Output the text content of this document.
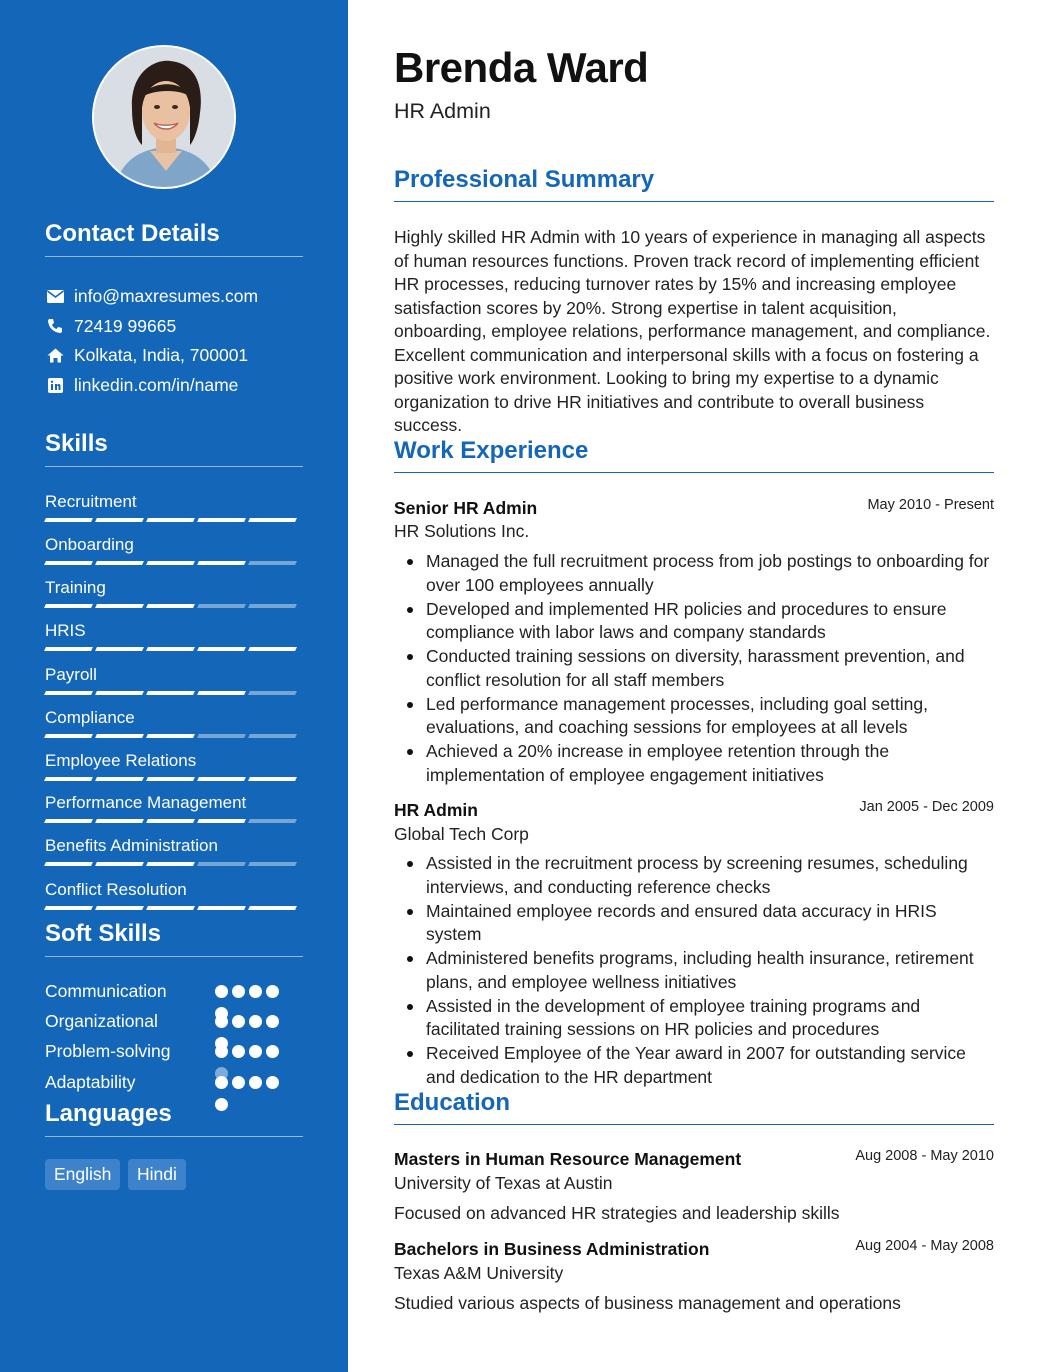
Contact Details
info@maxresumes.com
72419 99665
Kolkata, India, 700001
linkedin.com/in/name
Skills
Recruitment
Onboarding
Training
HRIS
Payroll
Compliance
Employee Relations
Performance Management
Benefits Administration
Conflict Resolution
Soft Skills
Communication
Organizational
Problem-solving
Adaptability
Languages
English	Hindi
Brenda Ward
HR Admin
Professional Summary

Highly skilled HR Admin with 10 years of experience in managing all aspects of human resources functions. Proven track record of implementing efficient HR processes, reducing turnover rates by 15% and increasing employee satisfaction scores by 20%. Strong expertise in talent acquisition, onboarding, employee relations, performance management, and compliance. Excellent communication and interpersonal skills with a focus on fostering a positive work environment. Looking to bring my expertise to a dynamic organization to drive HR initiatives and contribute to overall business success.

Work Experience
Senior HR Admin	May 2010 - Present
HR Solutions Inc.
Managed the full recruitment process from job postings to onboarding for over 100 employees annually
Developed and implemented HR policies and procedures to ensure compliance with labor laws and company standards
Conducted training sessions on diversity, harassment prevention, and conflict resolution for all staff members
Led performance management processes, including goal setting, evaluations, and coaching sessions for employees at all levels
Achieved a 20% increase in employee retention through the implementation of employee engagement initiatives
HR Admin	Jan 2005 - Dec 2009
Global Tech Corp
Assisted in the recruitment process by screening resumes, scheduling interviews, and conducting reference checks
Maintained employee records and ensured data accuracy in HRIS system
Administered benefits programs, including health insurance, retirement plans, and employee wellness initiatives
Assisted in the development of employee training programs and facilitated training sessions on HR policies and procedures
Received Employee of the Year award in 2007 for outstanding service and dedication to the HR department
Education
Masters in Human Resource Management	Aug 2008 - May 2010
University of Texas at Austin
Focused on advanced HR strategies and leadership skills
Bachelors in Business Administration	Aug 2004 - May 2008
Texas A&M University
Studied various aspects of business management and operations
